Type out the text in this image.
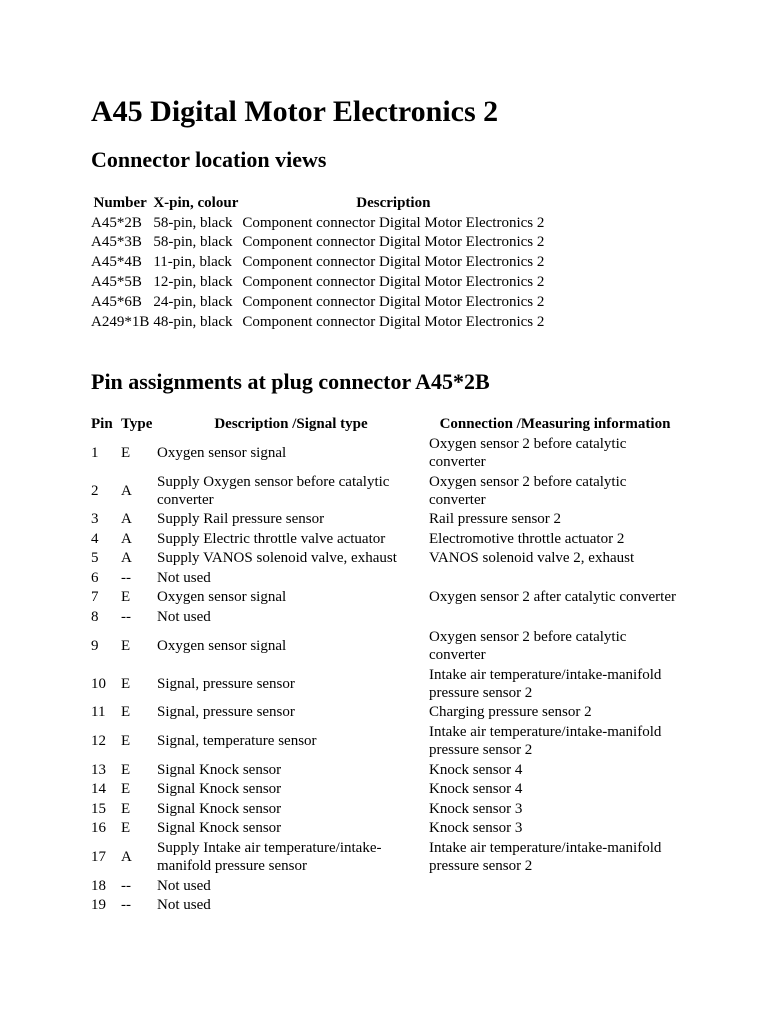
A45 Digital Motor Electronics 2
Connector location views
Number	X-pin, colour	Description
A45*2B	58-pin, black	Component connector Digital Motor Electronics 2
A45*3B	58-pin, black	Component connector Digital Motor Electronics 2
A45*4B	11-pin, black	Component connector Digital Motor Electronics 2
A45*5B	12-pin, black	Component connector Digital Motor Electronics 2
A45*6B	24-pin, black	Component connector Digital Motor Electronics 2
A249*1B	48-pin, black	Component connector Digital Motor Electronics 2
Pin assignments at plug connector A45*2B
Pin	Type	Description /Signal type	Connection /Measuring information
1	E	Oxygen sensor signal	Oxygen sensor 2 before catalytic converter
2	A	Supply Oxygen sensor before catalytic converter	Oxygen sensor 2 before catalytic converter
3	A	Supply Rail pressure sensor	Rail pressure sensor 2
4	A	Supply Electric throttle valve actuator	Electromotive throttle actuator 2
5	A	Supply VANOS solenoid valve, exhaust	VANOS solenoid valve 2, exhaust
6	--	Not used	
7	E	Oxygen sensor signal	Oxygen sensor 2 after catalytic converter
8	--	Not used	
9	E	Oxygen sensor signal	Oxygen sensor 2 before catalytic converter
10	E	Signal, pressure sensor	Intake air temperature/intake-manifold pressure sensor 2
11	E	Signal, pressure sensor	Charging pressure sensor 2
12	E	Signal, temperature sensor	Intake air temperature/intake-manifold pressure sensor 2
13	E	Signal Knock sensor	Knock sensor 4
14	E	Signal Knock sensor	Knock sensor 4
15	E	Signal Knock sensor	Knock sensor 3
16	E	Signal Knock sensor	Knock sensor 3
17	A	Supply Intake air temperature/intake-manifold pressure sensor	Intake air temperature/intake-manifold pressure sensor 2
18	--	Not used	
19	--	Not used	
